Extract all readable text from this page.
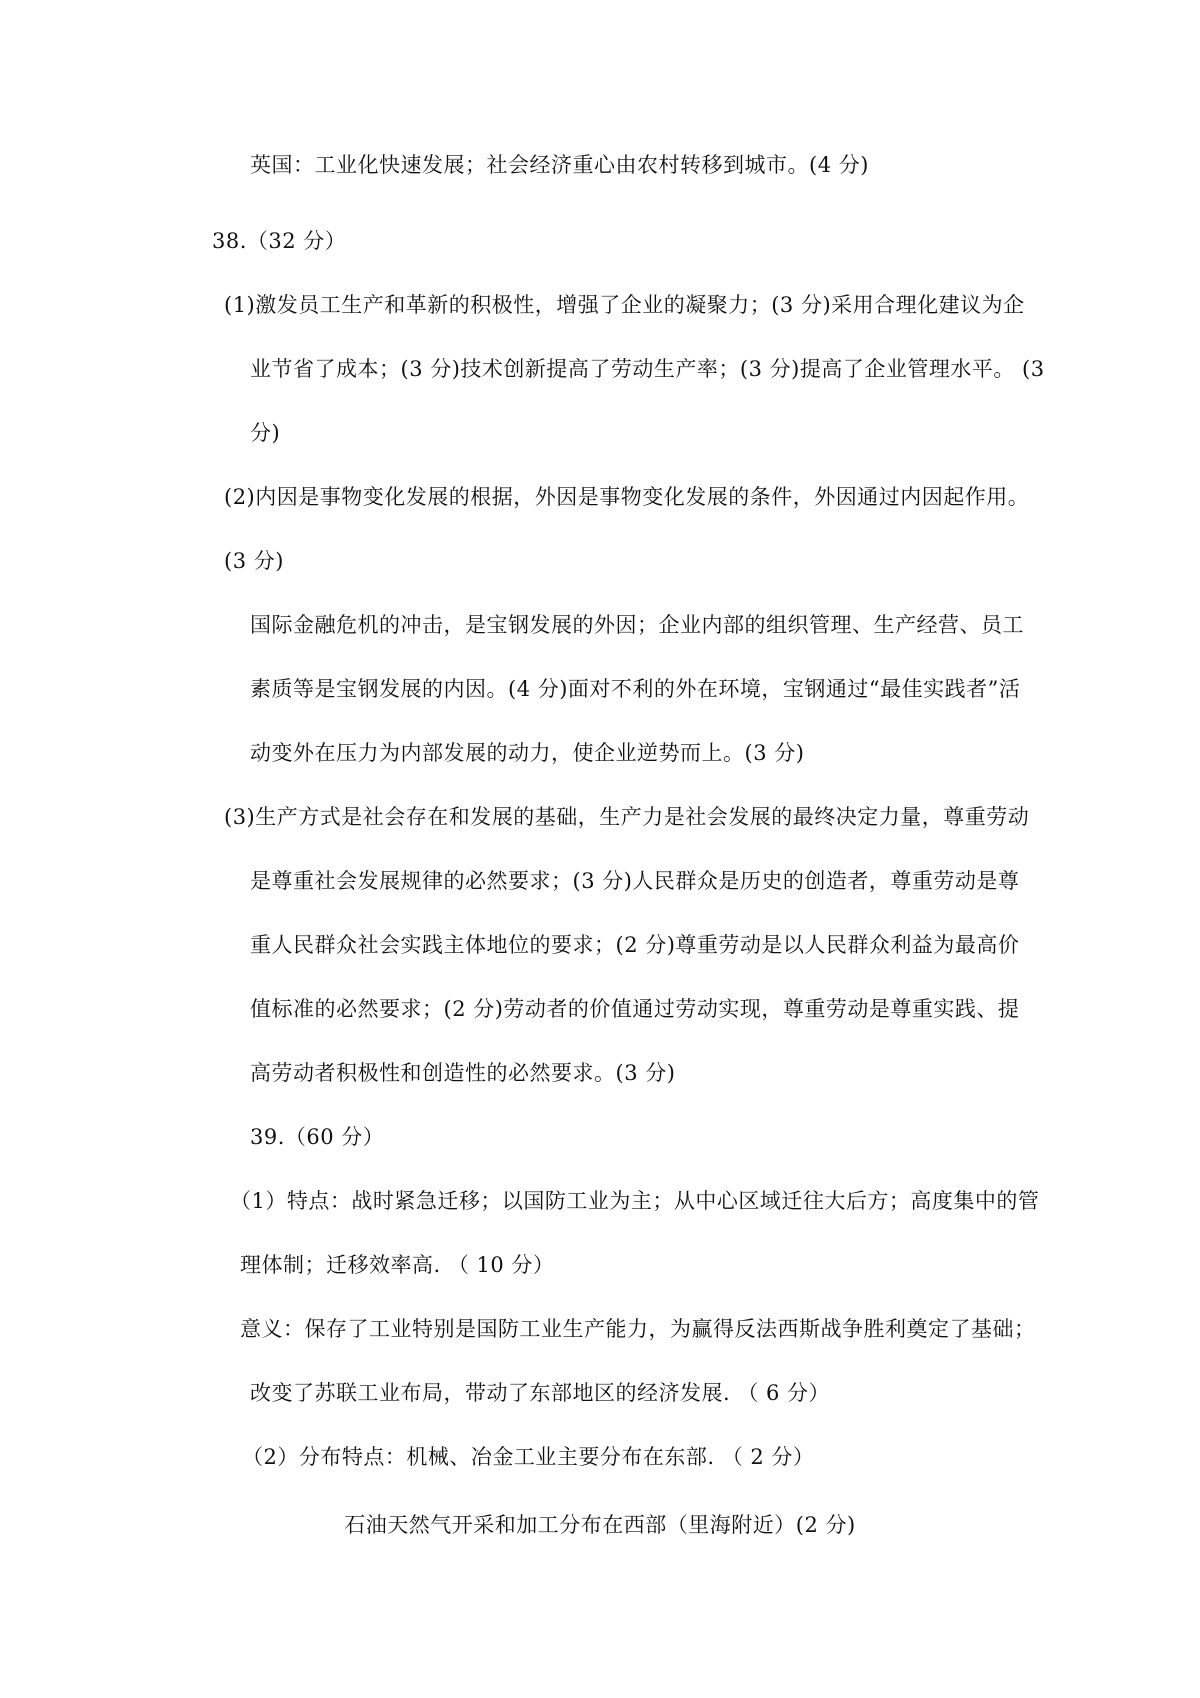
英国：工业化快速发展；社会经济重心由农村转移到城市。(4 分)
38.（32 分）
(1)激发员工生产和革新的积极性，增强了企业的凝聚力；(3 分)采用合理化建议为企
业节省了成本；(3 分)技术创新提高了劳动生产率；(3 分)提高了企业管理水平。 (3
分)
(2)内因是事物变化发展的根据，外因是事物变化发展的条件，外因通过内因起作用。
(3 分)
国际金融危机的冲击，是宝钢发展的外因；企业内部的组织管理、生产经营、员工
素质等是宝钢发展的内因。(4 分)面对不利的外在环境，宝钢通过“最佳实践者”活
动变外在压力为内部发展的动力，使企业逆势而上。(3 分)
(3)生产方式是社会存在和发展的基础，生产力是社会发展的最终决定力量，尊重劳动
是尊重社会发展规律的必然要求；(3 分)人民群众是历史的创造者，尊重劳动是尊
重人民群众社会实践主体地位的要求；(2 分)尊重劳动是以人民群众利益为最高价
值标准的必然要求；(2 分)劳动者的价值通过劳动实现，尊重劳动是尊重实践、提
高劳动者积极性和创造性的必然要求。(3 分)
39.（60 分）
（1）特点：战时紧急迁移；以国防工业为主；从中心区域迁往大后方；高度集中的管
理体制；迁移效率高. （ 10 分）
意义：保存了工业特别是国防工业生产能力，为赢得反法西斯战争胜利奠定了基础；
改变了苏联工业布局，带动了东部地区的经济发展. （ 6 分）
（2）分布特点：机械、冶金工业主要分布在东部. （ 2 分）
石油天然气开采和加工分布在西部（里海附近）(2 分)
